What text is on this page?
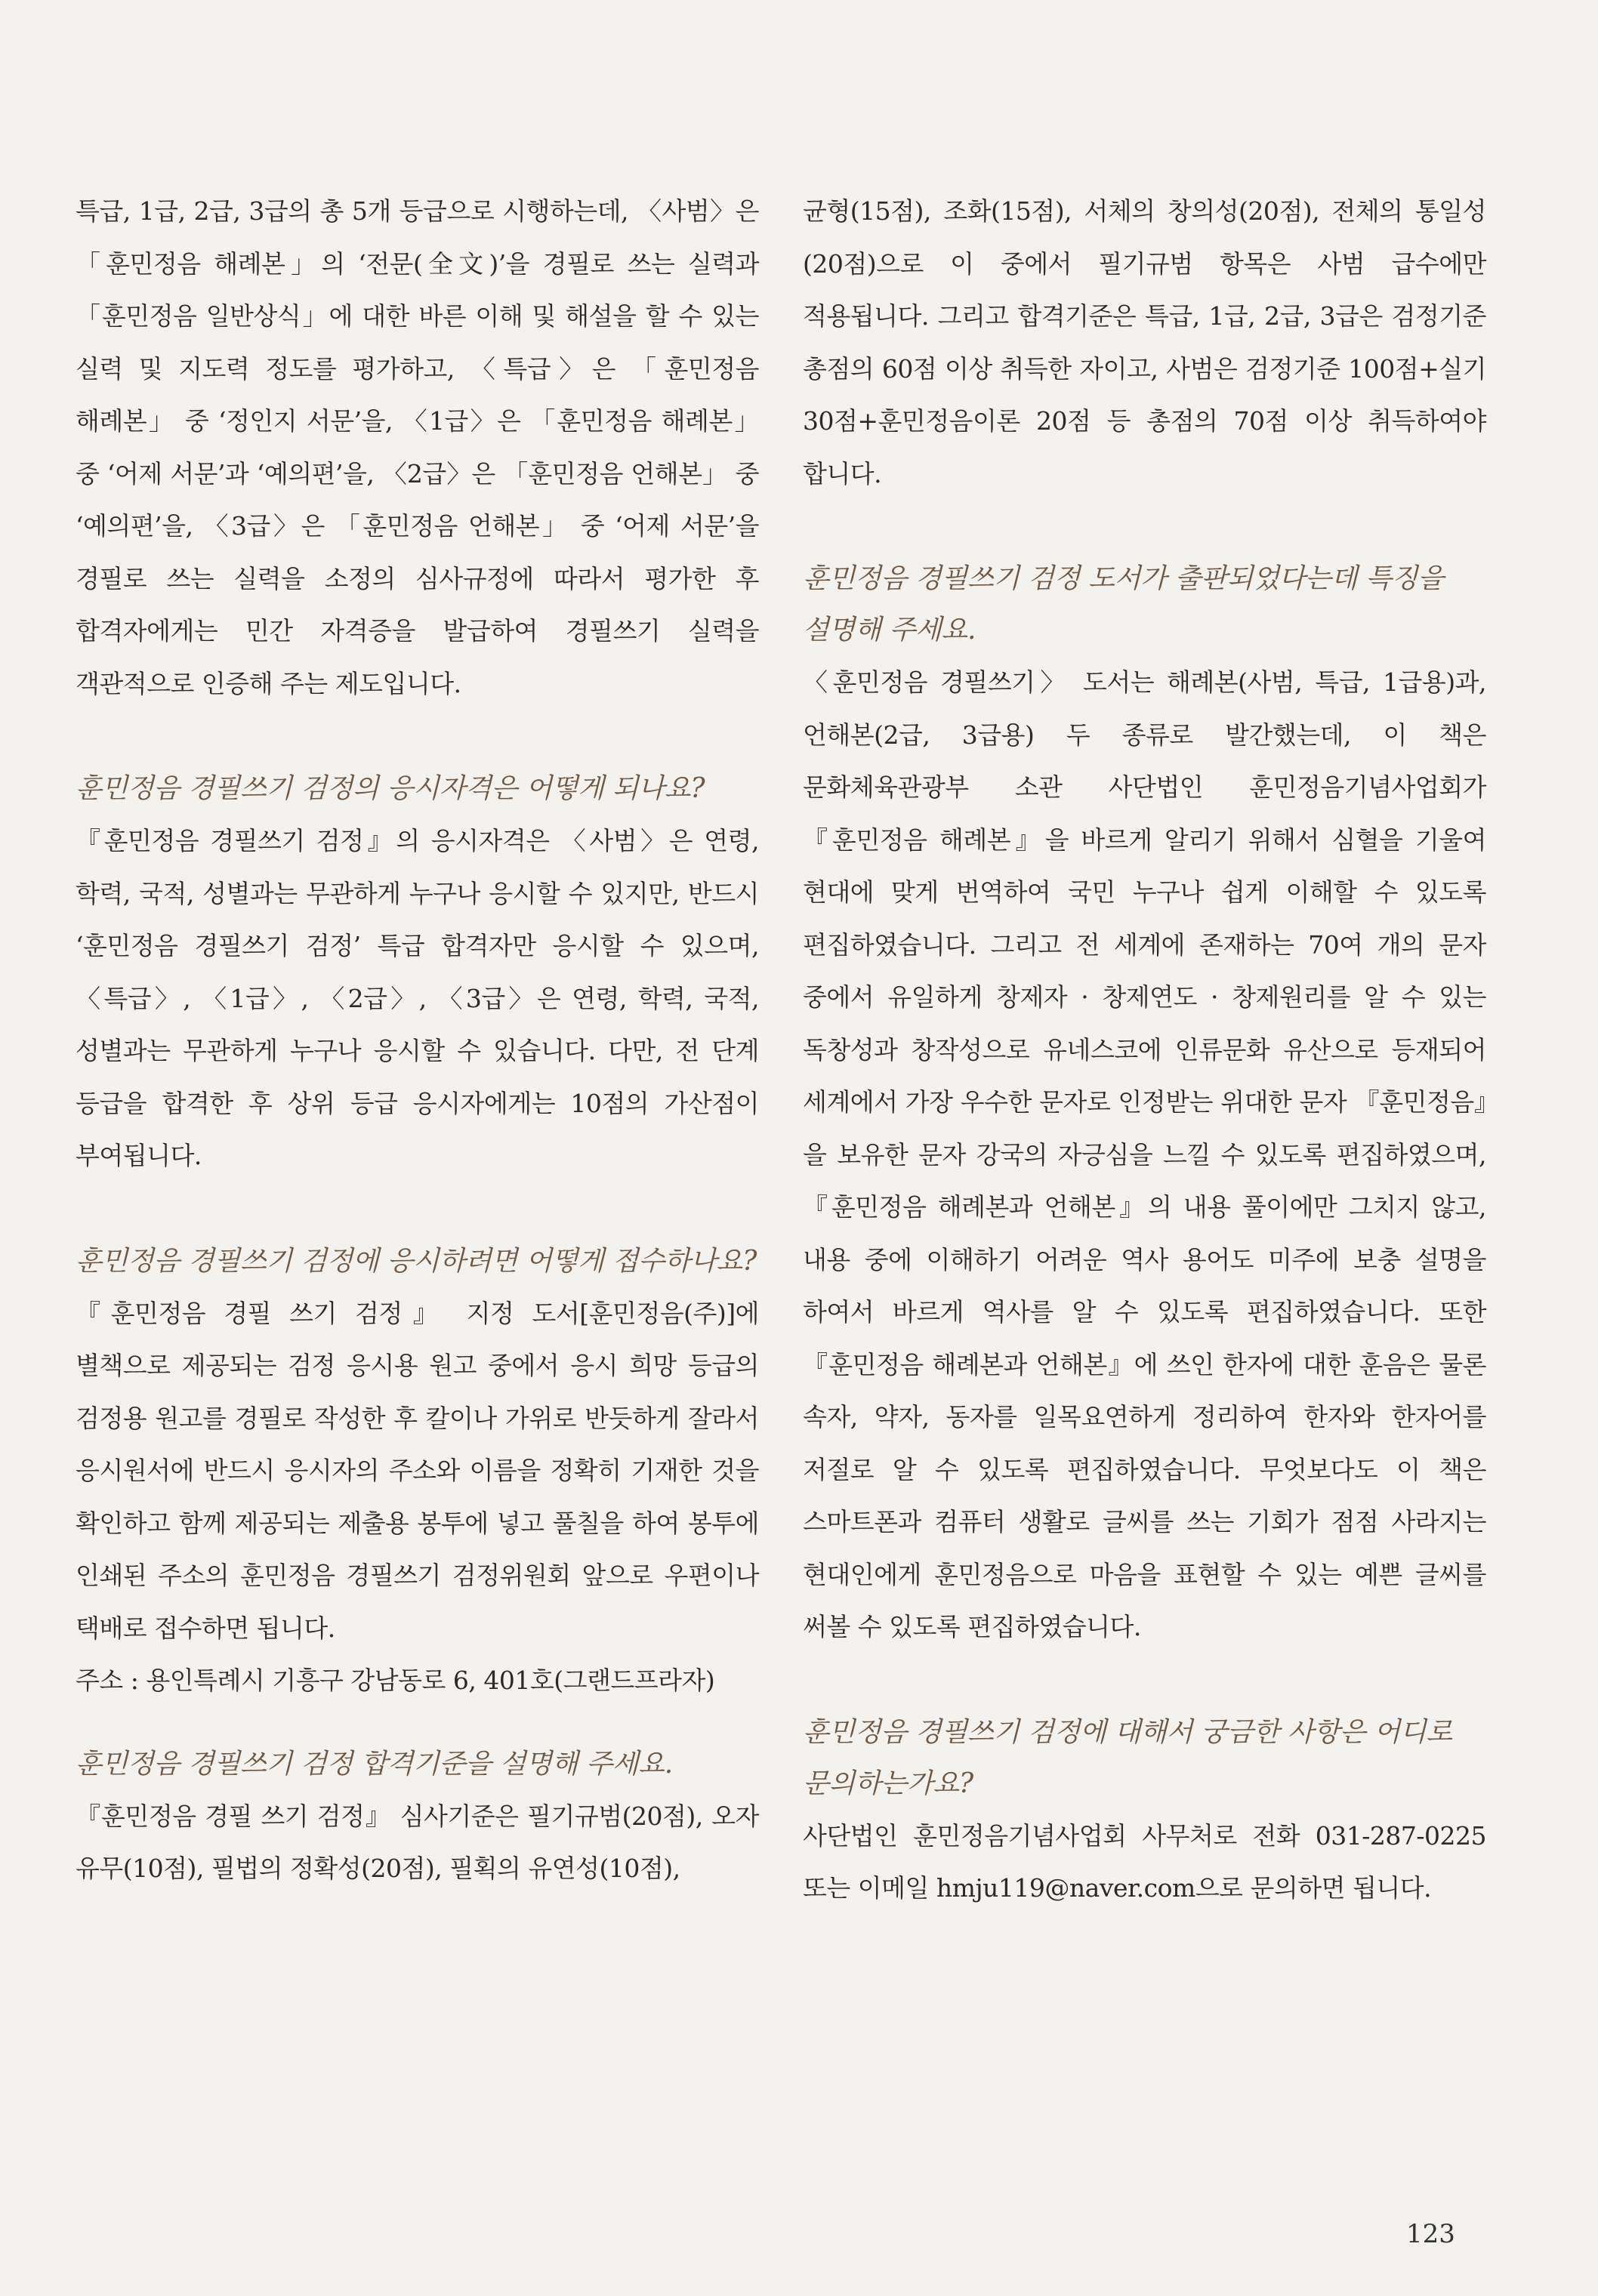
특급, 1급, 2급, 3급의 총 5개 등급으로 시행하는데, 〈사범〉은 「훈민정음 해례본」의 ‘전문(全文)’을 경필로 쓰는 실력과 「훈민정음 일반상식」에 대한 바른 이해 및 해설을 할 수 있는 실력 및 지도력 정도를 평가하고, 〈특급〉은 「훈민정음 해례본」 중 ‘정인지 서문’을, 〈1급〉은 「훈민정음 해례본」 중 ‘어제 서문’과 ‘예의편’을, 〈2급〉은 「훈민정음 언해본」 중 ‘예의편’을, 〈3급〉은 「훈민정음 언해본」 중 ‘어제 서문’을 경필로 쓰는 실력을 소정의 심사규정에 따라서 평가한 후 합격자에게는 민간 자격증을 발급하여 경필쓰기 실력을 객관적으로 인증해 주는 제도입니다.

훈민정음 경필쓰기 검정의 응시자격은 어떻게 되나요?

『훈민정음 경필쓰기 검정』의 응시자격은 〈사범〉은 연령, 학력, 국적, 성별과는 무관하게 누구나 응시할 수 있지만, 반드시 ‘훈민정음 경필쓰기 검정’ 특급 합격자만 응시할 수 있으며, 〈특급〉, 〈1급〉, 〈2급〉, 〈3급〉은 연령, 학력, 국적, 성별과는 무관하게 누구나 응시할 수 있습니다. 다만, 전 단계 등급을 합격한 후 상위 등급 응시자에게는 10점의 가산점이 부여됩니다.

훈민정음 경필쓰기 검정에 응시하려면 어떻게 접수하나요?

『훈민정음 경필 쓰기 검정』 지정 도서[훈민정음(주)]에 별책으로 제공되는 검정 응시용 원고 중에서 응시 희망 등급의 검정용 원고를 경필로 작성한 후 칼이나 가위로 반듯하게 잘라서 응시원서에 반드시 응시자의 주소와 이름을 정확히 기재한 것을 확인하고 함께 제공되는 제출용 봉투에 넣고 풀칠을 하여 봉투에 인쇄된 주소의 훈민정음 경필쓰기 검정위원회 앞으로 우편이나 택배로 접수하면 됩니다.

주소 : 용인특례시 기흥구 강남동로 6, 401호(그랜드프라자)

훈민정음 경필쓰기 검정 합격기준을 설명해 주세요.

『훈민정음 경필 쓰기 검정』 심사기준은 필기규범(20점), 오자 유무(10점), 필법의 정확성(20점), 필획의 유연성(10점),

균형(15점), 조화(15점), 서체의 창의성(20점), 전체의 통일성(20점)으로 이 중에서 필기규범 항목은 사범 급수에만 적용됩니다. 그리고 합격기준은 특급, 1급, 2급, 3급은 검정기준 총점의 60점 이상 취득한 자이고, 사범은 검정기준 100점+실기 30점+훈민정음이론 20점 등 총점의 70점 이상 취득하여야 합니다.

훈민정음 경필쓰기 검정 도서가 출판되었다는데 특징을 설명해 주세요.

〈훈민정음 경필쓰기〉 도서는 해례본(사범, 특급, 1급용)과, 언해본(2급, 3급용) 두 종류로 발간했는데, 이 책은 문화체육관광부 소관 사단법인 훈민정음기념사업회가 『훈민정음 해례본』을 바르게 알리기 위해서 심혈을 기울여 현대에 맞게 번역하여 국민 누구나 쉽게 이해할 수 있도록 편집하였습니다. 그리고 전 세계에 존재하는 70여 개의 문자 중에서 유일하게 창제자 · 창제연도 · 창제원리를 알 수 있는 독창성과 창작성으로 유네스코에 인류문화 유산으로 등재되어 세계에서 가장 우수한 문자로 인정받는 위대한 문자 『훈민정음』을 보유한 문자 강국의 자긍심을 느낄 수 있도록 편집하였으며, 『훈민정음 해례본과 언해본』의 내용 풀이에만 그치지 않고, 내용 중에 이해하기 어려운 역사 용어도 미주에 보충 설명을 하여서 바르게 역사를 알 수 있도록 편집하였습니다. 또한 『훈민정음 해례본과 언해본』에 쓰인 한자에 대한 훈음은 물론 속자, 약자, 동자를 일목요연하게 정리하여 한자와 한자어를 저절로 알 수 있도록 편집하였습니다. 무엇보다도 이 책은 스마트폰과 컴퓨터 생활로 글씨를 쓰는 기회가 점점 사라지는 현대인에게 훈민정음으로 마음을 표현할 수 있는 예쁜 글씨를 써볼 수 있도록 편집하였습니다.

훈민정음 경필쓰기 검정에 대해서 궁금한 사항은 어디로 문의하는가요?

사단법인 훈민정음기념사업회 사무처로 전화 031-287-0225 또는 이메일 hmju119@naver.com으로 문의하면 됩니다.

123
